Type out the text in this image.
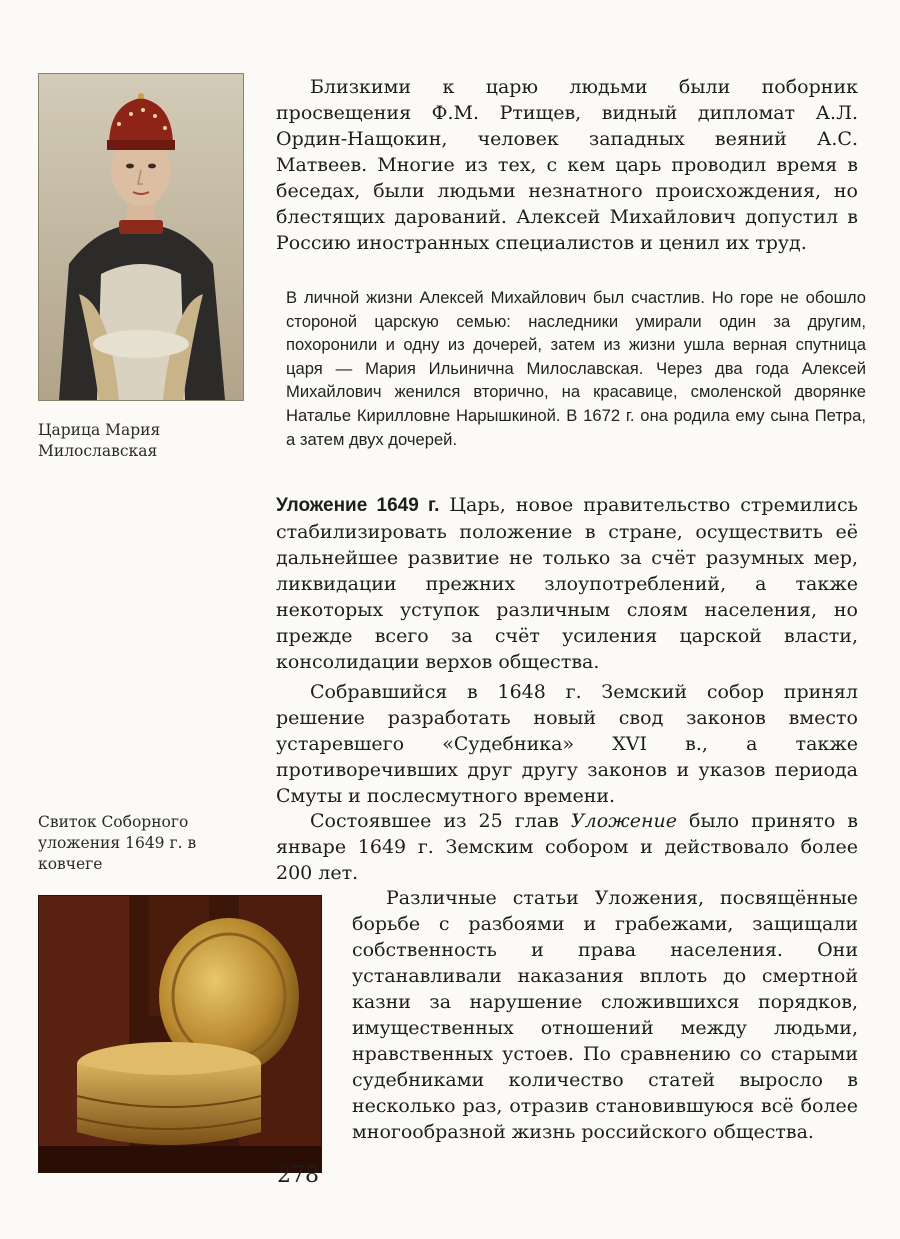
Царица Мария Милославская

Свиток Соборного уложения 1649 г. в ковчеге

Близкими к царю людьми были поборник просвещения Ф.М. Ртищев, видный дипломат А.Л. Ордин-Нащокин, человек западных веяний А.С. Матвеев. Многие из тех, с кем царь проводил время в беседах, были людьми незнатного происхождения, но блестящих дарований. Алексей Михайлович допустил в Россию иностранных специалистов и ценил их труд.

В личной жизни Алексей Михайлович был счастлив. Но горе не обошло стороной царскую семью: наследники умирали один за другим, похоронили и одну из дочерей, затем из жизни ушла верная спутница царя — Мария Ильинична Милославская. Через два года Алексей Михайлович женился вторично, на красавице, смоленской дворянке Наталье Кирилловне Нарышкиной. В 1672 г. она родила ему сына Петра, а затем двух дочерей.

Уложение 1649 г. Царь, новое правительство стремились стабилизировать положение в стране, осуществить её дальнейшее развитие не только за счёт разумных мер, ликвидации прежних злоупотреблений, а также некоторых уступок различным слоям населения, но прежде всего за счёт усиления царской власти, консолидации верхов общества.

Собравшийся в 1648 г. Земский собор принял решение разработать новый свод законов вместо устаревшего «Судебника» XVI в., а также противоречивших друг другу законов и указов периода Смуты и послесмутного времени.

Состоявшее из 25 глав Уложение было принято в январе 1649 г. Земским собором и действовало более 200 лет.

Различные статьи Уложения, посвящённые борьбе с разбоями и грабежами, защищали собственность и права населения. Они устанавливали наказания вплоть до смертной казни за нарушение сложившихся порядков, имущественных отношений между людьми, нравственных устоев. По сравнению со старыми судебниками количество статей выросло в несколько раз, отразив становившуюся всё более многообразной жизнь российского общества.

278
